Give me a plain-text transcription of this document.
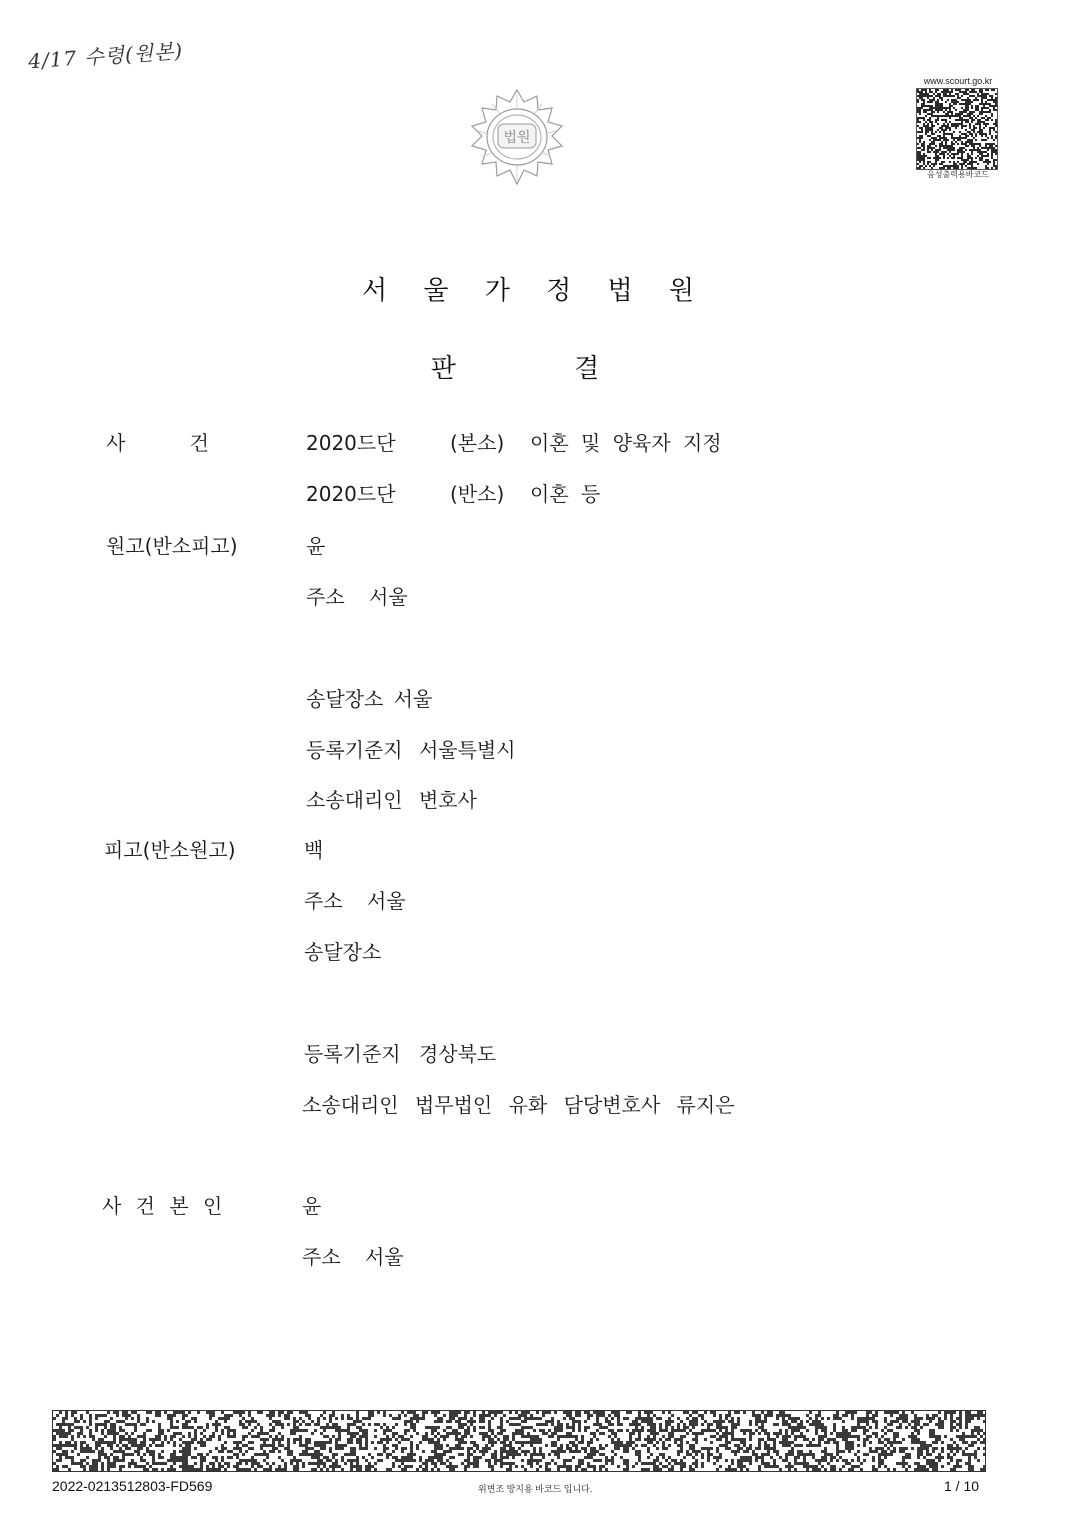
4/17 수령(원본)
법원
www.scourt.go.kr
음성출력용바코드
서 울 가 정 법 원
판 결
사 건	2020드단	(본소) 이혼 및 양육자 지정
2020드단	(반소) 이혼 등
원고(반소피고)	윤
주소 서울
송달장소 서울
등록기준지 서울특별시
소송대리인 변호사
피고(반소원고)	백
주소 서울
송달장소
등록기준지 경상북도
소송대리인 법무법인 유화 담당변호사 류지은
사 건 본 인	윤
주소 서울
2022-0213512803-FD569	위변조 방지용 바코드 입니다.	1 / 10
